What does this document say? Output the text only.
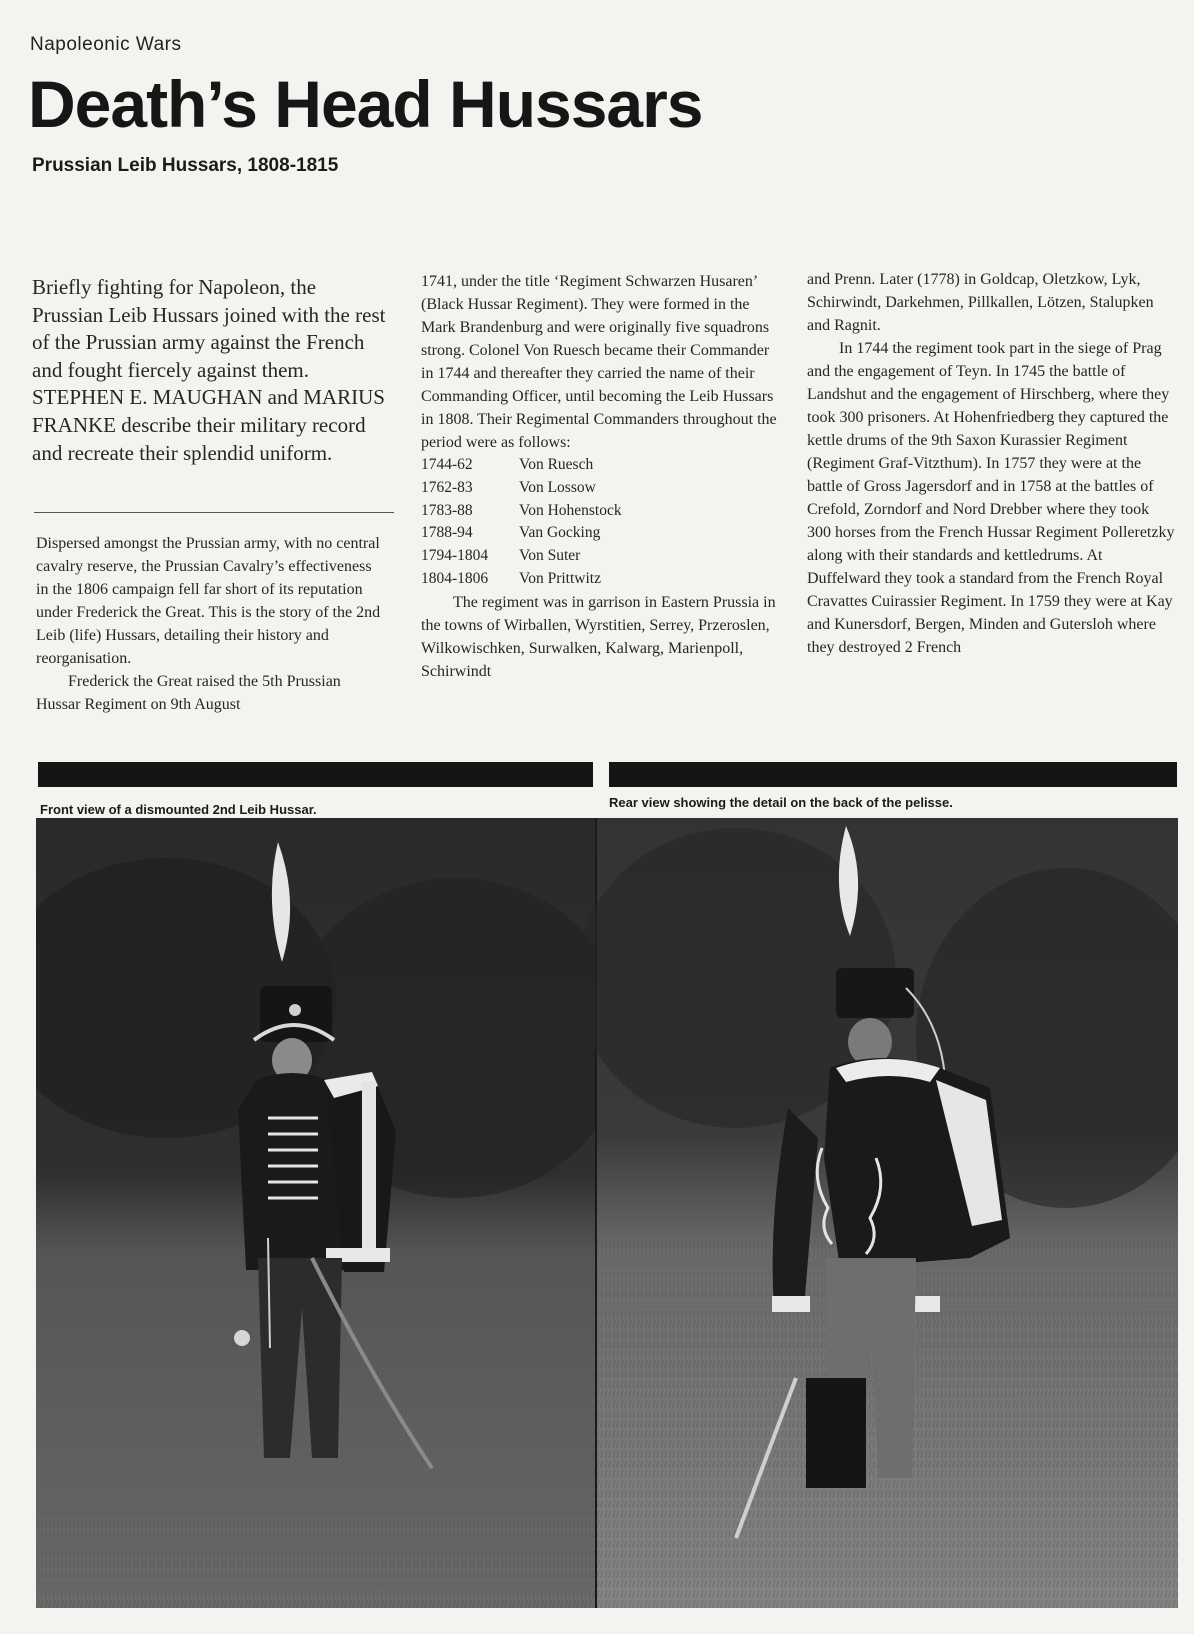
Napoleonic Wars
Death’s Head Hussars
Prussian Leib Hussars, 1808-1815
Briefly fighting for Napoleon, the Prussian Leib Hussars joined with the rest of the Prussian army against the French and fought fiercely against them. STEPHEN E. MAUGHAN and MARIUS FRANKE describe their military record and recreate their splendid uniform.

Dispersed amongst the Prussian army, with no central cavalry reserve, the Prussian Cavalry’s effectiveness in the 1806 campaign fell far short of its reputation under Frederick the Great. This is the story of the 2nd Leib (life) Hussars, detailing their history and reorganisation.

Frederick the Great raised the 5th Prussian Hussar Regiment on 9th August

1741, under the title ‘Regiment Schwarzen Husaren’ (Black Hussar Regiment). They were formed in the Mark Brandenburg and were originally five squadrons strong. Colonel Von Ruesch became their Commander in 1744 and thereafter they carried the name of their Commanding Officer, until becoming the Leib Hussars in 1808. Their Regimental Commanders throughout the period were as follows:

1744-62	Von Ruesch
1762-83	Von Lossow
1783-88	Von Hohenstock
1788-94	Van Gocking
1794-1804	Von Suter
1804-1806	Von Prittwitz

The regiment was in garrison in Eastern Prussia in the towns of Wirballen, Wyrstitien, Serrey, Przeroslen, Wilkowischken, Surwalken, Kalwarg, Marienpoll, Schirwindt

and Prenn. Later (1778) in Goldcap, Oletzkow, Lyk, Schirwindt, Darkehmen, Pillkallen, Lötzen, Stalupken and Ragnit.

In 1744 the regiment took part in the siege of Prag and the engagement of Teyn. In 1745 the battle of Landshut and the engagement of Hirschberg, where they took 300 prisoners. At Hohenfriedberg they captured the kettle drums of the 9th Saxon Kurassier Regiment (Regiment Graf-Vitzthum). In 1757 they were at the battle of Gross Jagersdorf and in 1758 at the battles of Crefold, Zorndorf and Nord Drebber where they took 300 horses from the French Hussar Regiment Polleretzky along with their standards and kettledrums. At Duffelward they took a standard from the French Royal Cravattes Cuirassier Regiment. In 1759 they were at Kay and Kunersdorf, Bergen, Minden and Gutersloh where they destroyed 2 French

Front view of a dismounted 2nd Leib Hussar.	Rear view showing the detail on the back of the pelisse.
